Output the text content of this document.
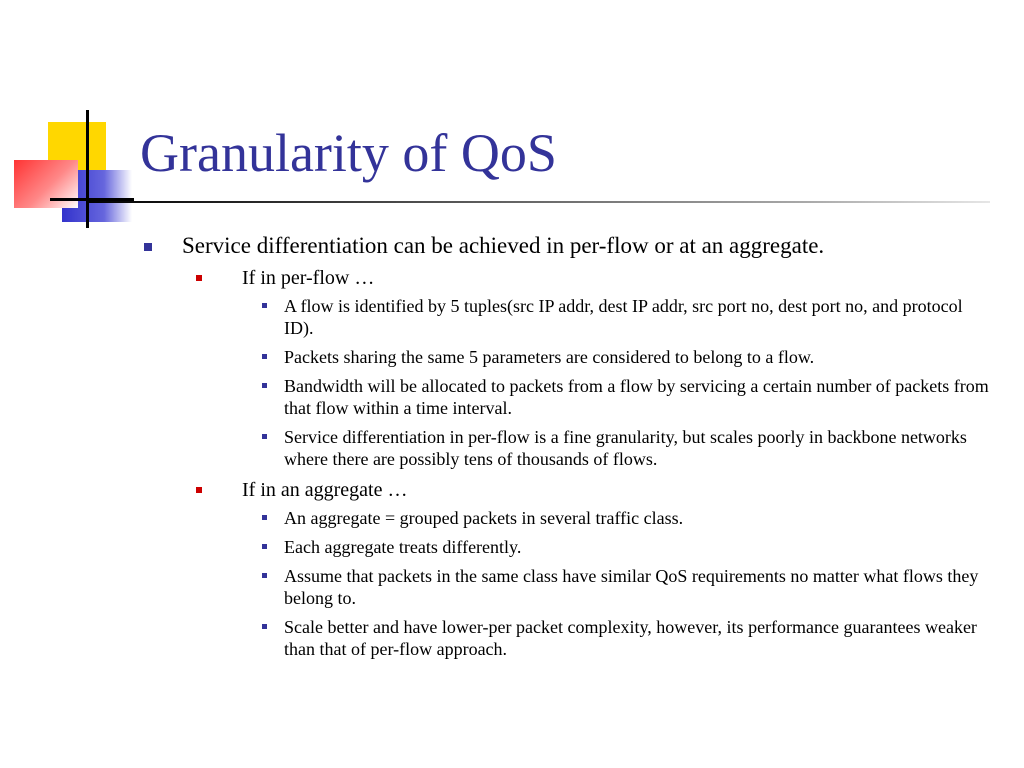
Granularity of QoS
Service differentiation can be achieved in per-flow or at an aggregate.
If in per-flow …
A flow is identified by 5 tuples(src IP addr, dest IP addr, src port no, dest port no, and protocol ID).
Packets sharing the same 5 parameters are considered to belong to a flow.
Bandwidth will be allocated to packets from a flow by servicing a certain number of packets from that flow within a time interval.
Service differentiation in per-flow is a fine granularity, but scales poorly in backbone networks where there are possibly tens of thousands of flows.
If in an aggregate …
An aggregate = grouped packets in several traffic class.
Each aggregate treats differently.
Assume that packets in the same class have similar QoS requirements no matter what flows they belong to.
Scale better and have lower-per packet complexity, however, its performance guarantees weaker than that of per-flow approach.
